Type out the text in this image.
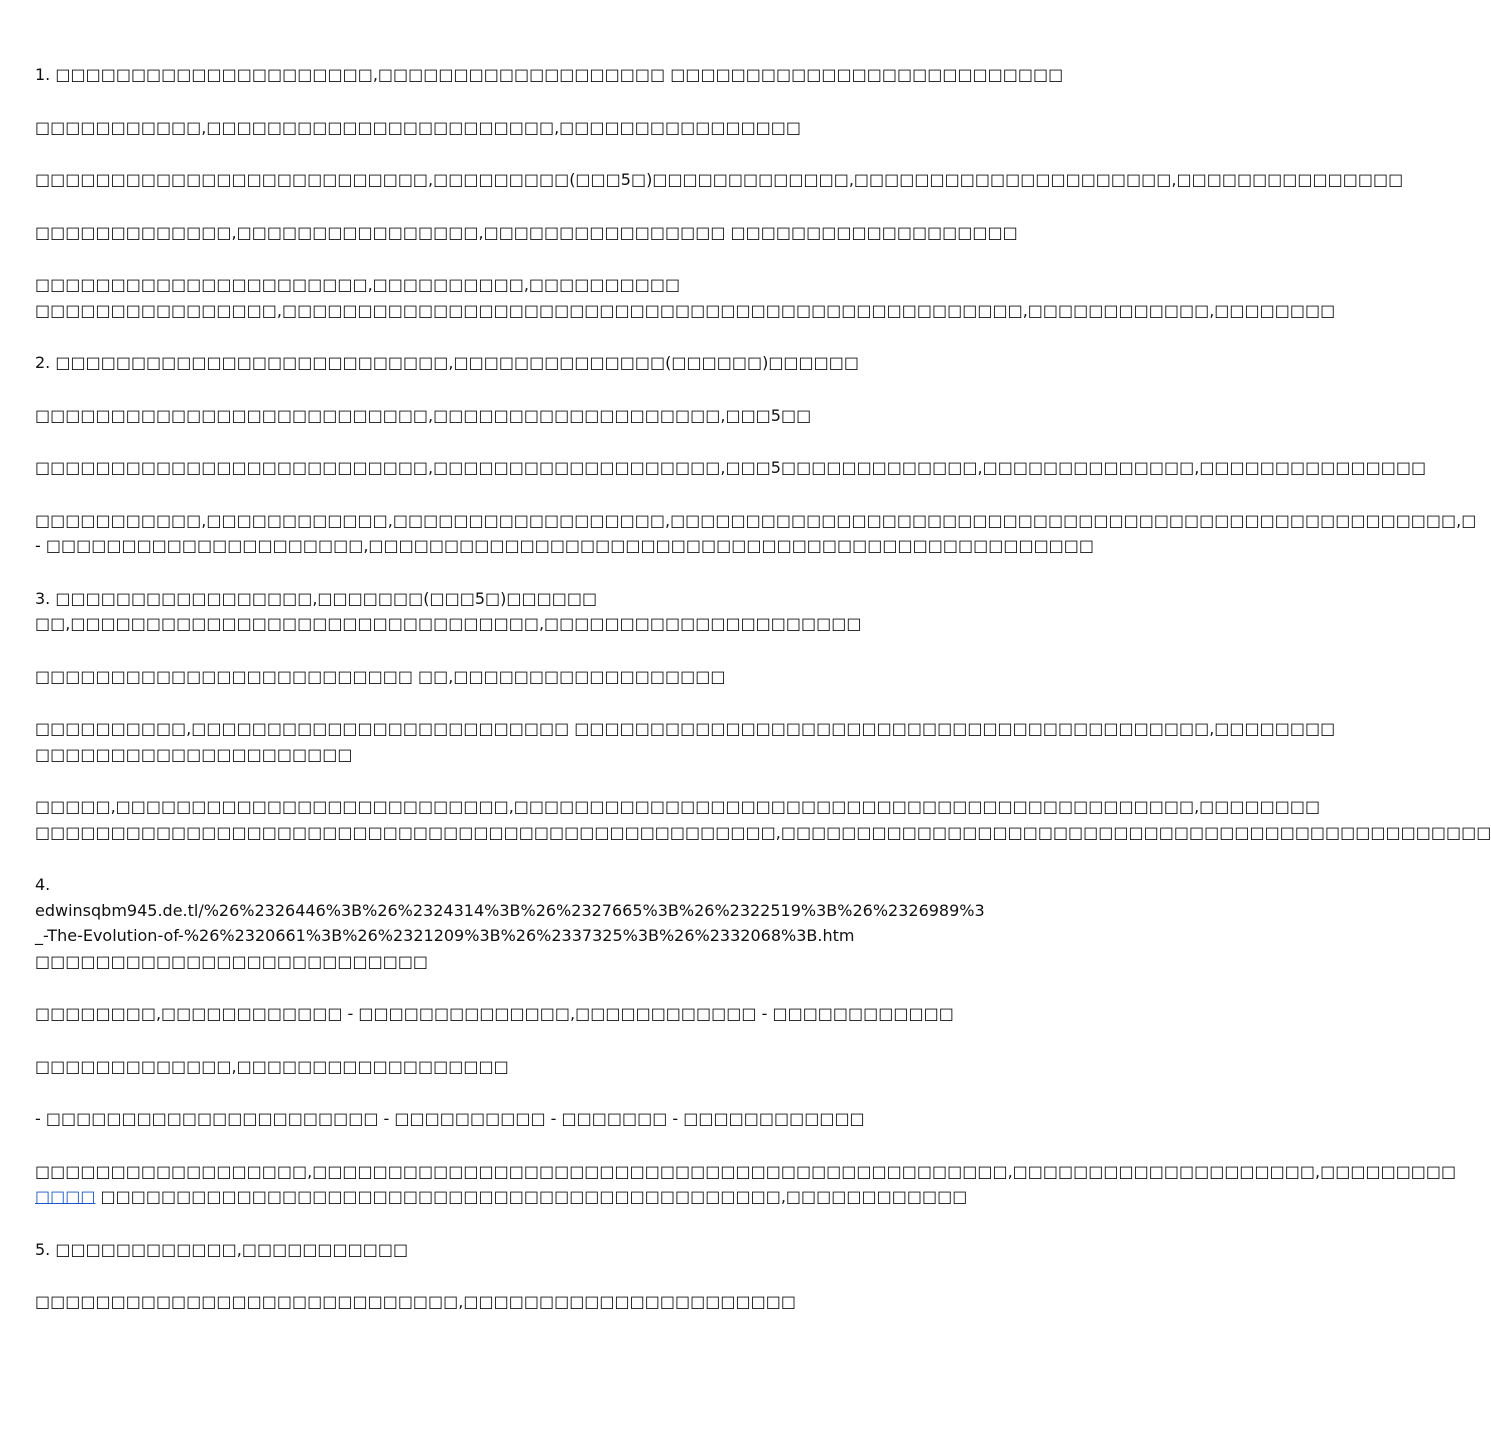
1. □□□□□□□□□□□□□□□□□□□□□,□□□□□□□□□□□□□□□□□□□ □□□□□□□□□□□□□□□□□□□□□□□□□□
□□□□□□□□□□□,□□□□□□□□□□□□□□□□□□□□□□□,□□□□□□□□□□□□□□□□
□□□□□□□□□□□□□□□□□□□□□□□□□□,□□□□□□□□□(□□□5□)□□□□□□□□□□□□□,□□□□□□□□□□□□□□□□□□□□□,□□□□□□□□□□□□□□□
□□□□□□□□□□□□□,□□□□□□□□□□□□□□□□,□□□□□□□□□□□□□□□□ □□□□□□□□□□□□□□□□□□□
□□□□□□□□□□□□□□□□□□□□□□,□□□□□□□□□□,□□□□□□□□□□
□□□□□□□□□□□□□□□□,□□□□□□□□□□□□□□□□□□□□□□□□□□□□□□□□□□□□□□□□□□□□□□□□□,□□□□□□□□□□□□,□□□□□□□□
2. □□□□□□□□□□□□□□□□□□□□□□□□□□,□□□□□□□□□□□□□□(□□□□□□)□□□□□□
□□□□□□□□□□□□□□□□□□□□□□□□□□,□□□□□□□□□□□□□□□□□□□,□□□5□□
□□□□□□□□□□□□□□□□□□□□□□□□□□,□□□□□□□□□□□□□□□□□□□,□□□5□□□□□□□□□□□□□,□□□□□□□□□□□□□□,□□□□□□□□□□□□□□□
□□□□□□□□□□□,□□□□□□□□□□□□,□□□□□□□□□□□□□□□□□□,□□□□□□□□□□□□□□□□□□□□□□□□□□□□□□□□□□□□□□□□□□□□□□□□□□□□,□
- □□□□□□□□□□□□□□□□□□□□□,□□□□□□□□□□□□□□□□□□□□□□□□□□□□□□□□□□□□□□□□□□□□□□□□
3. □□□□□□□□□□□□□□□□□,□□□□□□□(□□□5□)□□□□□□
□□,□□□□□□□□□□□□□□□□□□□□□□□□□□□□□□□,□□□□□□□□□□□□□□□□□□□□□
□□□□□□□□□□□□□□□□□□□□□□□□□ □□,□□□□□□□□□□□□□□□□□□
□□□□□□□□□□,□□□□□□□□□□□□□□□□□□□□□□□□□ □□□□□□□□□□□□□□□□□□□□□□□□□□□□□□□□□□□□□□□□□□,□□□□□□□□
□□□□□□□□□□□□□□□□□□□□□
□□□□□,□□□□□□□□□□□□□□□□□□□□□□□□□□,□□□□□□□□□□□□□□□□□□□□□□□□□□□□□□□□□□□□□□□□□□□□□,□□□□□□□□
□□□□□□□□□□□□□□□□□□□□□□□□□□□□□□□□□□□□□□□□□□□□□□□□□,□□□□□□□□□□□□□□□□□□□□□□□□□□□□□□□□□□□□□□□□□□□□□□□
4.
edwinsqbm945.de.tl/%26%2326446%3B%26%2324314%3B%26%2327665%3B%26%2322519%3B%26%2326989%3
_-The-Evolution-of-%26%2320661%3B%26%2321209%3B%26%2337325%3B%26%2332068%3B.htm
□□□□□□□□□□□□□□□□□□□□□□□□□□
□□□□□□□□,□□□□□□□□□□□□ - □□□□□□□□□□□□□□,□□□□□□□□□□□□ - □□□□□□□□□□□□
□□□□□□□□□□□□□,□□□□□□□□□□□□□□□□□□
- □□□□□□□□□□□□□□□□□□□□□□ - □□□□□□□□□□ - □□□□□□□ - □□□□□□□□□□□□
□□□□□□□□□□□□□□□□□□,□□□□□□□□□□□□□□□□□□□□□□□□□□□□□□□□□□□□□□□□□□□□□□,□□□□□□□□□□□□□□□□□□□□,□□□□□□□□□
□□□□ □□□□□□□□□□□□□□□□□□□□□□□□□□□□□□□□□□□□□□□□□□□□□,□□□□□□□□□□□□
5. □□□□□□□□□□□□,□□□□□□□□□□□
□□□□□□□□□□□□□□□□□□□□□□□□□□□□,□□□□□□□□□□□□□□□□□□□□□□
